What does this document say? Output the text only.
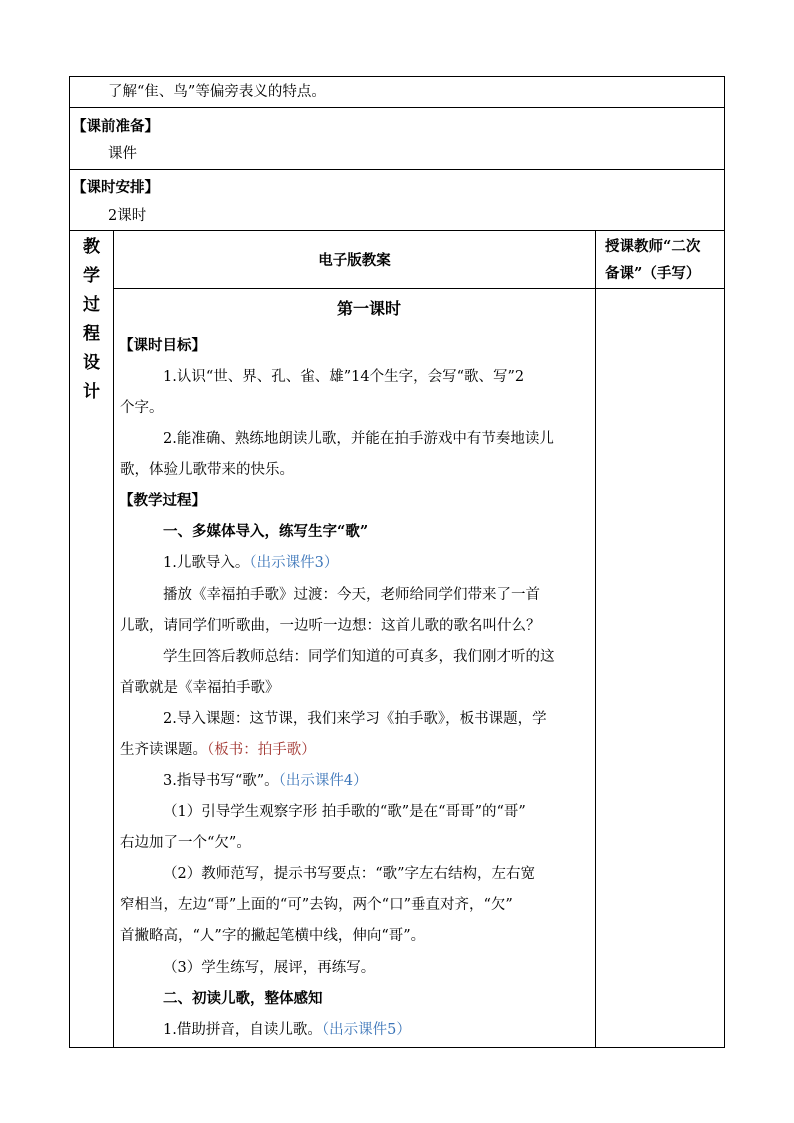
了解“隹、鸟”等偏旁表义的特点。
【课前准备】
课件
【课时安排】
2课时
教
学
过
程
设
计
电子版教案
授课教师“二次
备课”（手写）
第一课时
【课时目标】
1.认识“世、界、孔、雀、雄”14个生字，会写“歌、写”2
个字。
2.能准确、熟练地朗读儿歌，并能在拍手游戏中有节奏地读儿
歌，体验儿歌带来的快乐。
【教学过程】
一、多媒体导入，练写生字“歌”
1.儿歌导入。（出示课件3）
播放《幸福拍手歌》过渡：今天，老师给同学们带来了一首
儿歌，请同学们听歌曲，一边听一边想：这首儿歌的歌名叫什么？
学生回答后教师总结：同学们知道的可真多，我们刚才听的这
首歌就是《幸福拍手歌》
2.导入课题：这节课，我们来学习《拍手歌》，板书课题，学
生齐读课题。（板书：拍手歌）
3.指导书写“歌”。（出示课件4）
（1）引导学生观察字形 拍手歌的“歌”是在“哥哥”的“哥”
右边加了一个“欠”。
（2）教师范写，提示书写要点：“歌”字左右结构，左右宽
窄相当，左边“哥”上面的“可”去钩，两个“口”垂直对齐，“欠”
首撇略高，“人”字的撇起笔横中线，伸向“哥”。
（3）学生练写，展评，再练写。
二、初读儿歌，整体感知
1.借助拼音，自读儿歌。（出示课件5）
